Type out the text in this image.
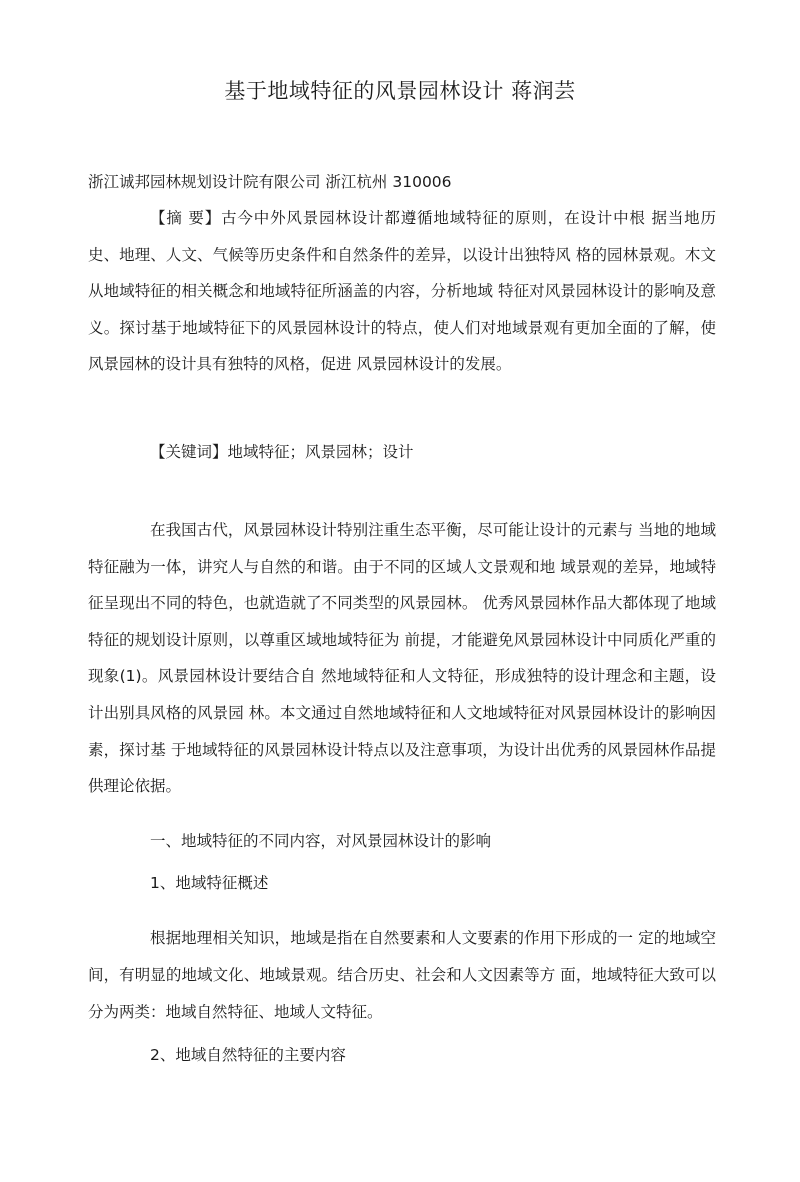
基于地域特征的风景园林设计 蒋润芸
浙江诚邦园林规划设计院有限公司 浙江杭州 310006
【摘 要】古今中外风景园林设计都遵循地域特征的原则，在设计中根 据当地历史、地理、人文、气候等历史条件和自然条件的差异，以设计出独特风 格的园林景观。木文从地域特征的相关概念和地域特征所涵盖的内容，分析地域 特征对风景园林设计的影响及意义。探讨基于地域特征下的风景园林设计的特点，使人们对地域景观有更加全面的了解，使风景园林的设计具有独特的风格，促进 风景园林设计的发展。
【关键词】地域特征；风景园林；设计
在我国古代，风景园林设计特别注重生态平衡，尽可能让设计的元素与 当地的地域特征融为一体，讲究人与自然的和谐。由于不同的区域人文景观和地 域景观的差异，地域特征呈现出不同的特色，也就造就了不同类型的风景园林。 优秀风景园林作品大都体现了地域特征的规划设计原则，以尊重区域地域特征为 前提，才能避免风景园林设计中同质化严重的现象(1)。风景园林设计要结合自 然地域特征和人文特征，形成独特的设计理念和主题，设计出别具风格的风景园 林。本文通过自然地域特征和人文地域特征对风景园林设计的影响因素，探讨基 于地域特征的风景园林设计特点以及注意事项，为设计出优秀的风景园林作品提 供理论依据。
一、地域特征的不同内容，对风景园林设计的影响
1、地域特征概述
根据地理相关知识，地域是指在自然要素和人文要素的作用下形成的一 定的地域空间，有明显的地域文化、地域景观。结合历史、社会和人文因素等方 面，地域特征大致可以分为两类：地域自然特征、地域人文特征。
2、地域自然特征的主要内容
